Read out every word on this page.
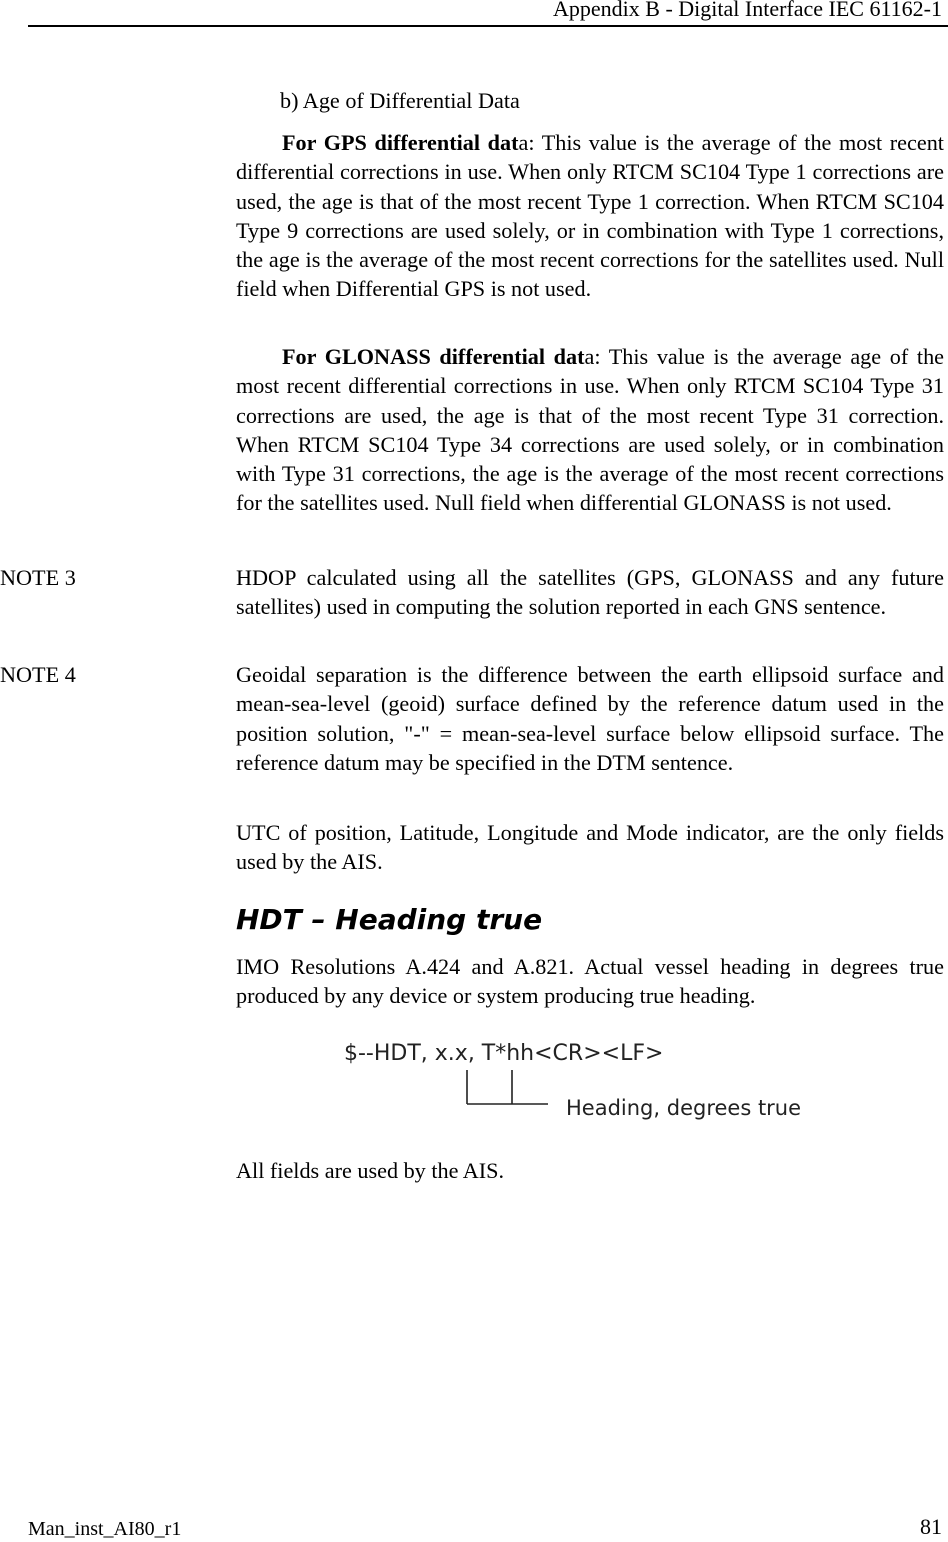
Appendix B - Digital Interface IEC 61162-1
b) Age of Differential Data

For GPS differential data: This value is the average of the most recent differential corrections in use. When only RTCM SC104 Type 1 corrections are used, the age is that of the most recent Type 1 correction. When RTCM SC104 Type 9 corrections are used solely, or in combination with Type 1 corrections, the age is the average of the most recent corrections for the satellites used. Null field when Differential GPS is not used.

For GLONASS differential data: This value is the average age of the most recent differential corrections in use. When only RTCM SC104 Type 31 corrections are used, the age is that of the most recent Type 31 correction. When RTCM SC104 Type 34 corrections are used solely, or in combination with Type 31 corrections, the age is the average of the most recent corrections for the satellites used. Null field when differential GLONASS is not used.

NOTE 3	HDOP calculated using all the satellites (GPS, GLONASS and any future satellites) used in computing the solution reported in each GNS sentence.

NOTE 4	Geoidal separation is the difference between the earth ellipsoid surface and mean-sea-level (geoid) surface defined by the reference datum used in the position solution, "-" = mean-sea-level surface below ellipsoid surface. The reference datum may be specified in the DTM sentence.

UTC of position, Latitude, Longitude and Mode indicator, are the only fields used by the AIS.

HDT – Heading true

IMO Resolutions A.424 and A.821. Actual vessel heading in degrees true produced by any device or system producing true heading.

$--HDT, x.x, T*hh<CR><LF>
Heading, degrees true

All fields are used by the AIS.

Man_inst_AI80_r1	81
